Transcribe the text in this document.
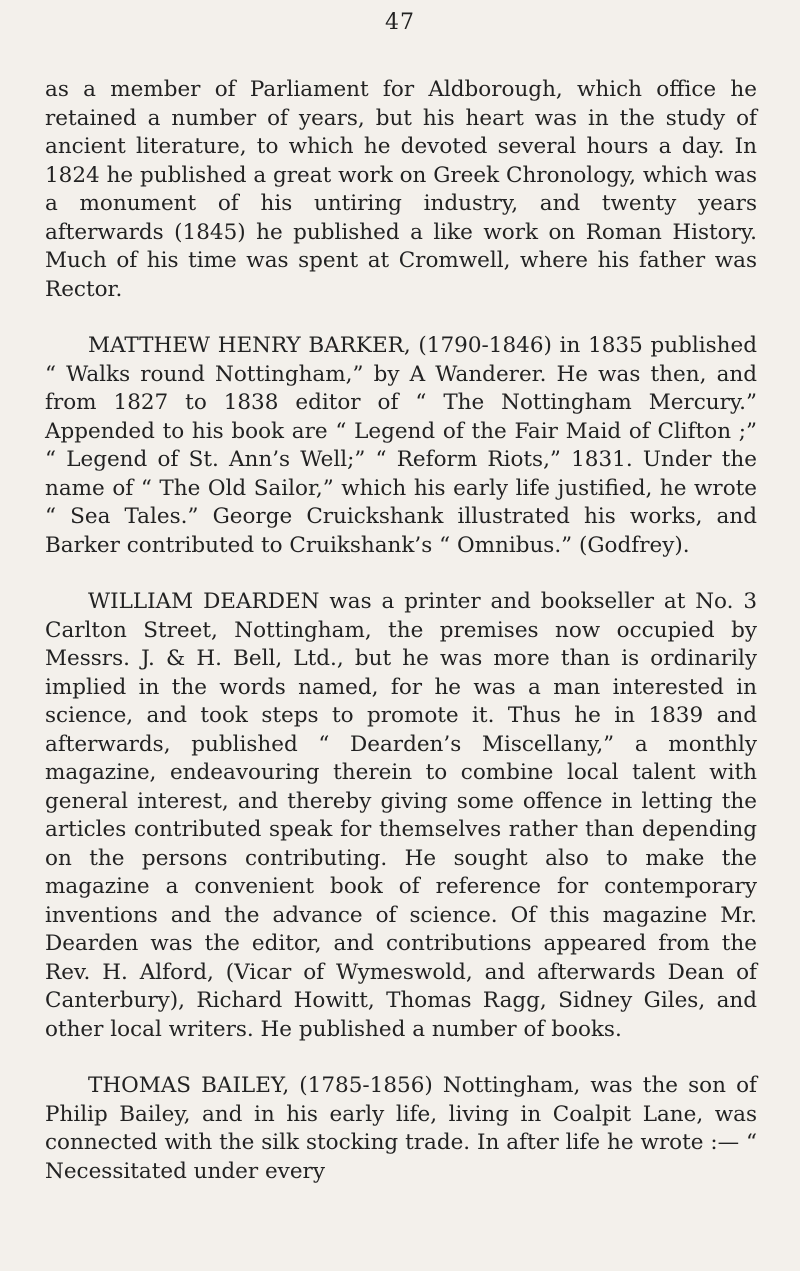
47

as a member of Parliament for Aldborough, which office he retained a number of years, but his heart was in the study of ancient literature, to which he devoted several hours a day. In 1824 he published a great work on Greek Chronology, which was a monument of his untiring industry, and twenty years afterwards (1845) he published a like work on Roman History. Much of his time was spent at Cromwell, where his father was Rector.

MATTHEW HENRY BARKER, (1790-1846) in 1835 published “ Walks round Nottingham,” by A Wanderer. He was then, and from 1827 to 1838 editor of “ The Nottingham Mercury.” Appended to his book are “ Legend of the Fair Maid of Clifton ;” “ Legend of St. Ann’s Well;” “ Reform Riots,” 1831. Under the name of “ The Old Sailor,” which his early life justified, he wrote “ Sea Tales.” George Cruickshank illustrated his works, and Barker contributed to Cruikshank’s “ Omnibus.” (Godfrey).

WILLIAM DEARDEN was a printer and bookseller at No. 3 Carlton Street, Nottingham, the premises now occupied by Messrs. J. & H. Bell, Ltd., but he was more than is ordinarily implied in the words named, for he was a man interested in science, and took steps to promote it. Thus he in 1839 and afterwards, published “ Dearden’s Miscellany,” a monthly magazine, endeavouring therein to combine local talent with general interest, and thereby giving some offence in letting the articles contributed speak for themselves rather than depending on the persons contributing. He sought also to make the magazine a convenient book of reference for contemporary inventions and the advance of science. Of this magazine Mr. Dearden was the editor, and contributions appeared from the Rev. H. Alford, (Vicar of Wymeswold, and afterwards Dean of Canterbury), Richard Howitt, Thomas Ragg, Sidney Giles, and other local writers. He published a number of books.

THOMAS BAILEY, (1785-1856) Nottingham, was the son of Philip Bailey, and in his early life, living in Coalpit Lane, was connected with the silk stocking trade. In after life he wrote :— “ Necessitated under every
